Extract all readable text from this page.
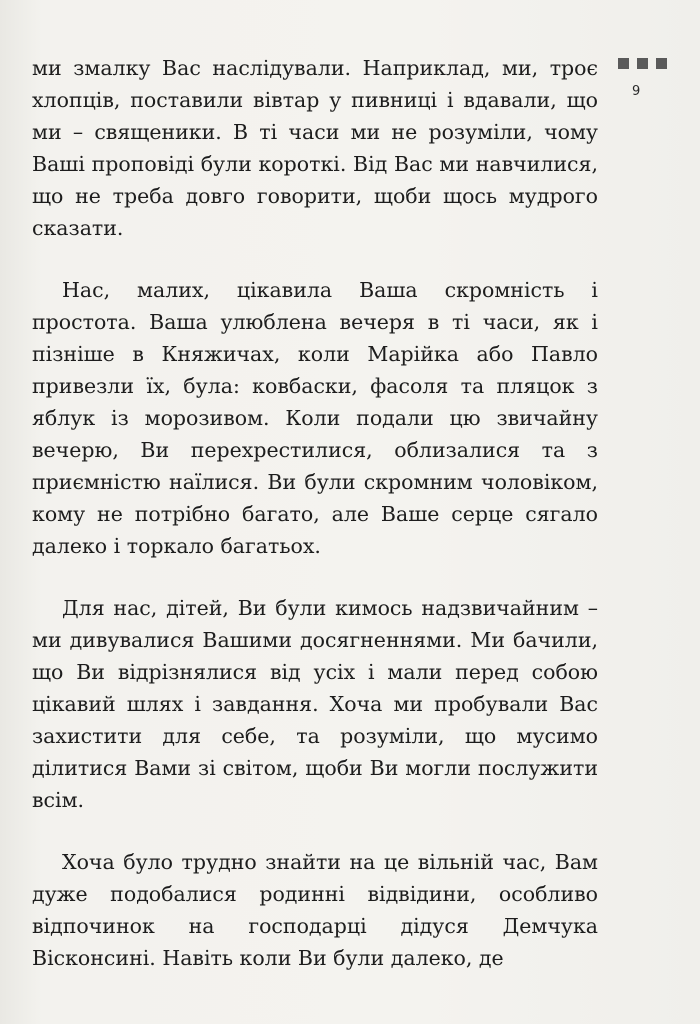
9

ми змалку Вас наслідували. Наприклад, ми, троє хлопців, поставили вівтар у пивниці і вдавали, що ми – священики. В ті часи ми не розуміли, чому Ваші проповіді були короткі. Від Вас ми навчилися, що не треба довго говорити, щоби щось мудрого сказати.

Нас, малих, цікавила Ваша скромність і простота. Ваша улюблена вечеря в ті часи, як і пізніше в Княжичах, коли Марійка або Павло привезли їх, була: ковбаски, фасоля та пляцок з яблук із морозивом. Коли подали цю звичайну вечерю, Ви перехрестилися, облизалися та з приємністю наїлися. Ви були скромним чоловіком, кому не потрібно багато, але Ваше серце сягало далеко і торкало багатьох.

Для нас, дітей, Ви були кимось надзвичайним – ми дивувалися Вашими досягненнями. Ми бачили, що Ви відрізнялися від усіх і мали перед собою цікавий шлях і завдання. Хоча ми пробували Вас захистити для себе, та розуміли, що мусимо ділитися Вами зі світом, щоби Ви могли послужити всім.

Хоча було трудно знайти на це вільній час, Вам дуже подобалися родинні відвідини, особливо відпочинок на господарці дідуся Демчука Вісконсині. Навіть коли Ви були далеко, де
